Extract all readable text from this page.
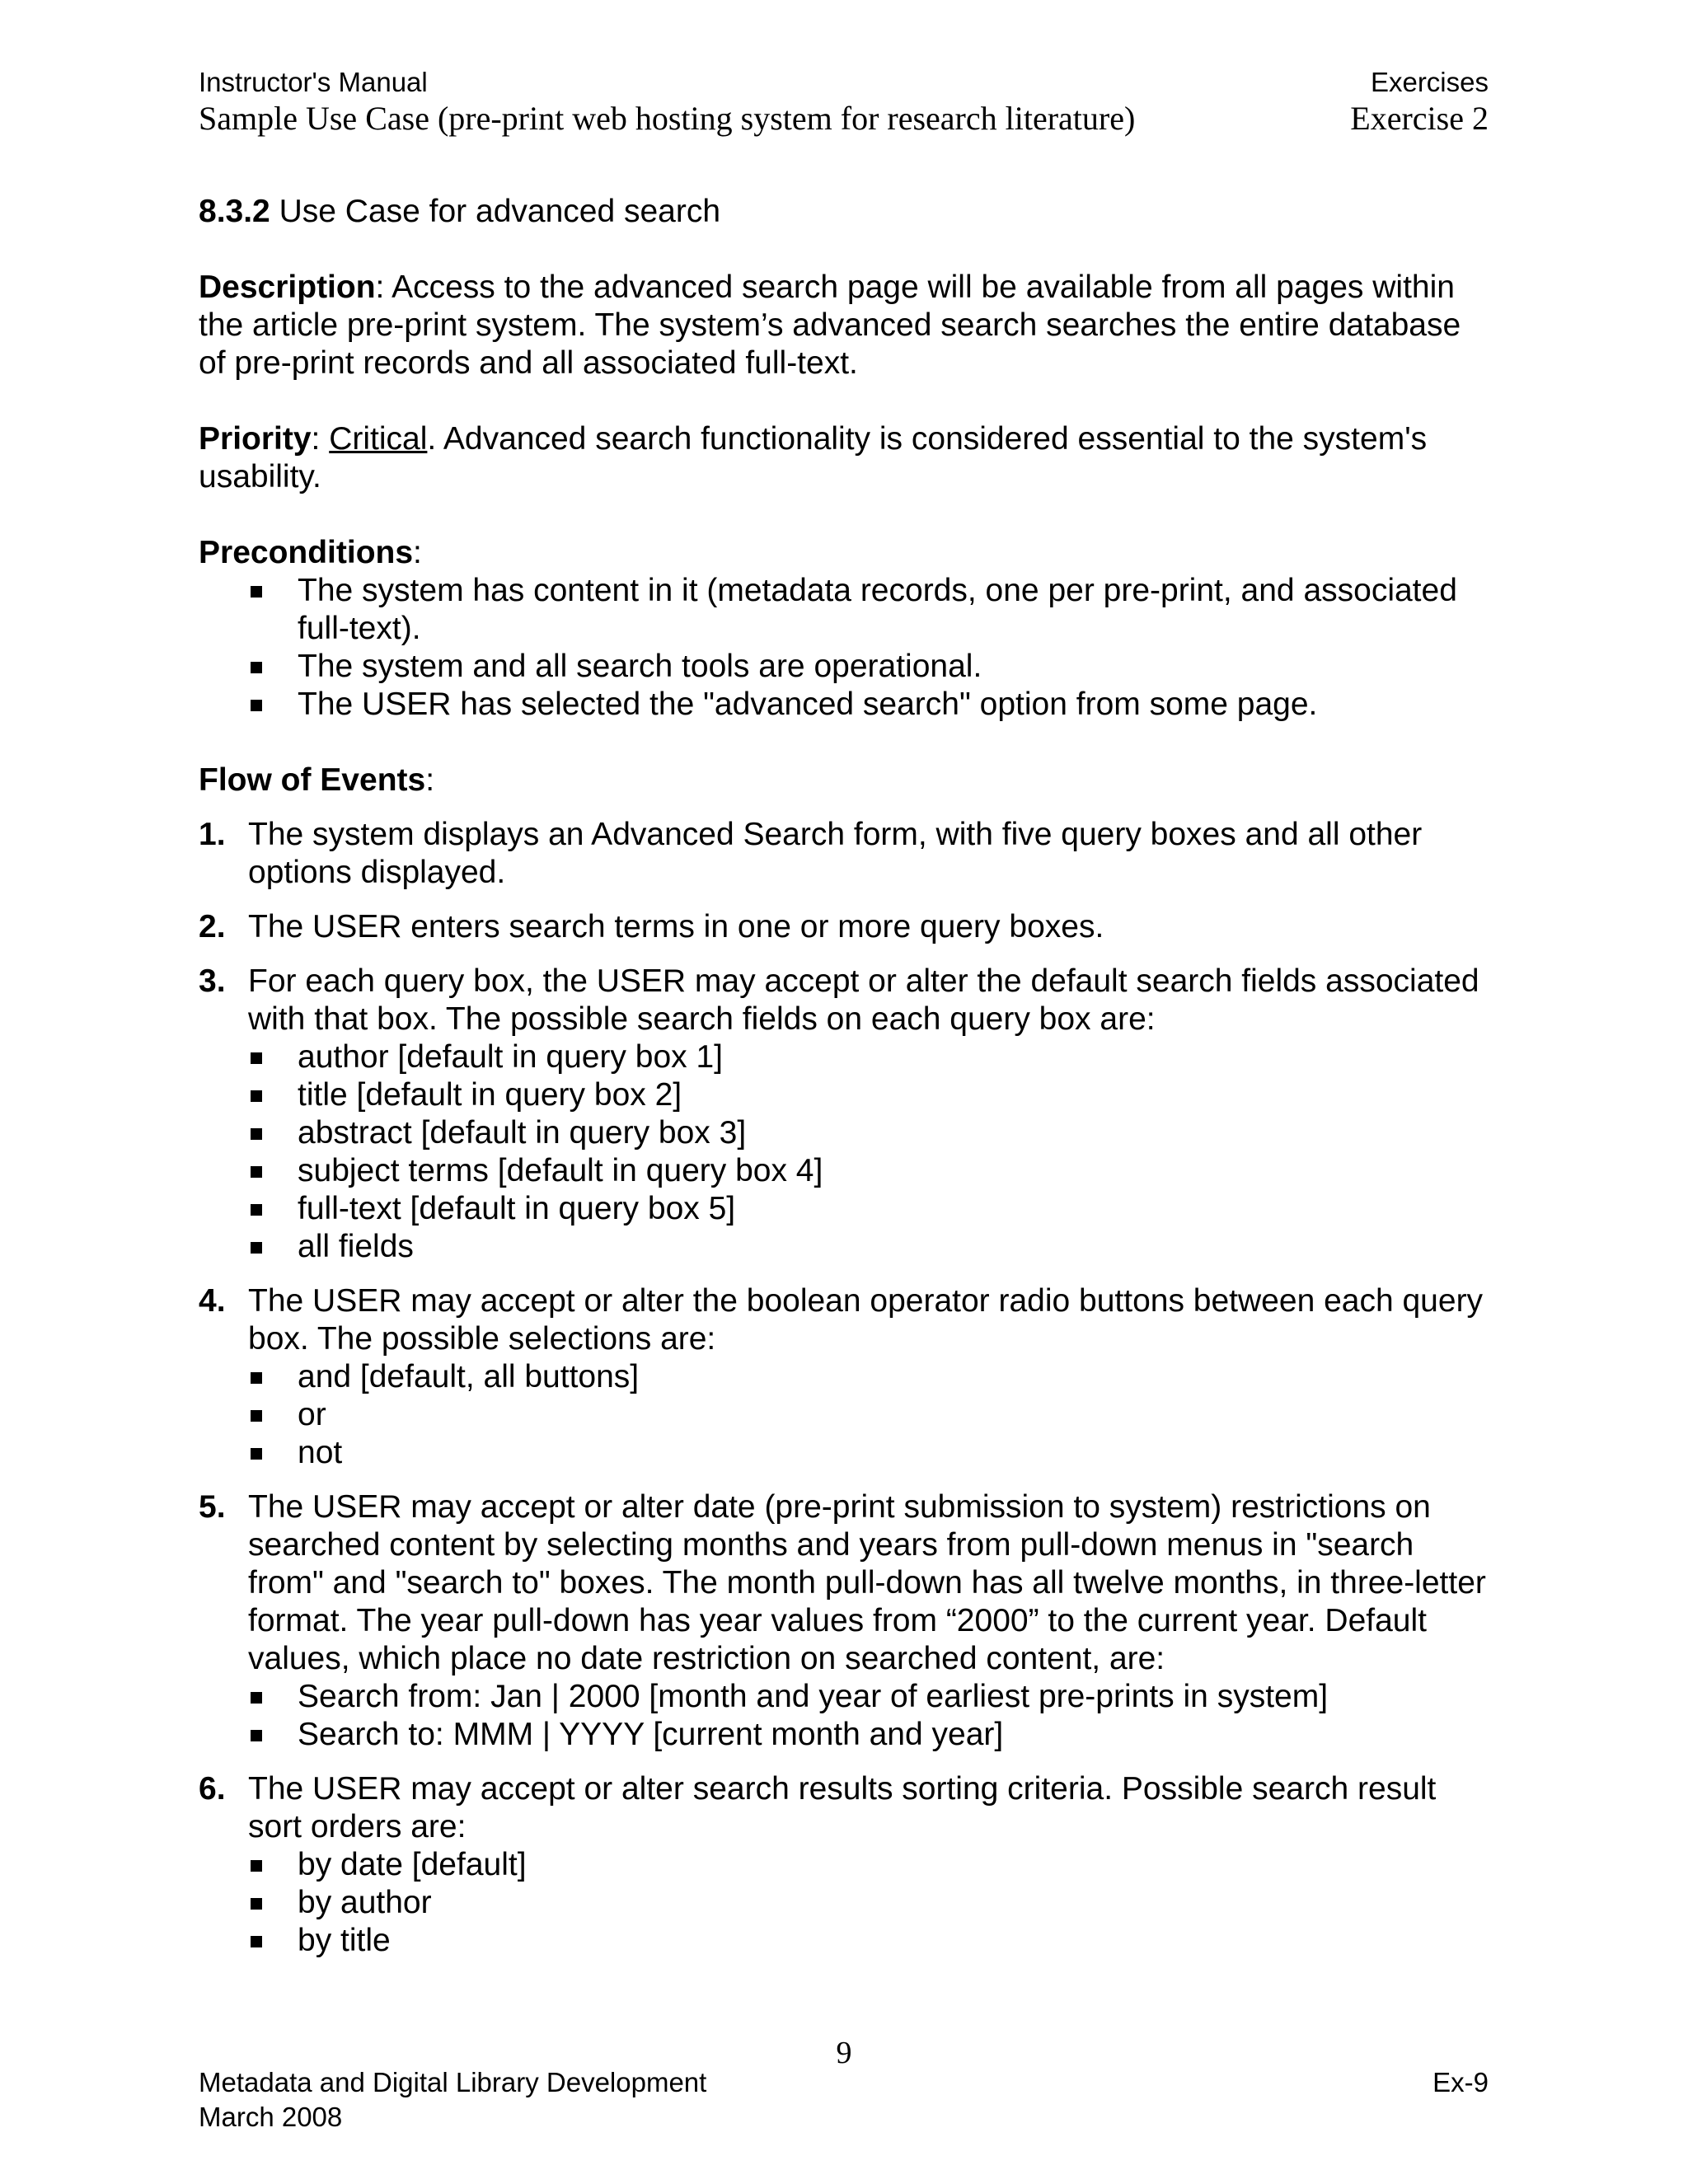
Instructor's Manual	Exercises
Sample Use Case (pre-print web hosting system for research literature)	Exercise 2

8.3.2 Use Case for advanced search

Description: Access to the advanced search page will be available from all pages within the article pre-print system. The system’s advanced search searches the entire database of pre-print records and all associated full-text.

Priority: Critical. Advanced search functionality is considered essential to the system's usability.

Preconditions:
The system has content in it (metadata records, one per pre-print, and associated full-text).
The system and all search tools are operational.
The USER has selected the "advanced search" option from some page.
Flow of Events:
1. The system displays an Advanced Search form, with five query boxes and all other options displayed.
2. The USER enters search terms in one or more query boxes.
3. For each query box, the USER may accept or alter the default search fields associated with that box. The possible search fields on each query box are:
author [default in query box 1]
title [default in query box 2]
abstract [default in query box 3]
subject terms [default in query box 4]
full-text [default in query box 5]
all fields
4. The USER may accept or alter the boolean operator radio buttons between each query box. The possible selections are:
and [default, all buttons]
or
not
5. The USER may accept or alter date (pre-print submission to system) restrictions on searched content by selecting months and years from pull-down menus in "search from" and "search to" boxes. The month pull-down has all twelve months, in three-letter format. The year pull-down has year values from “2000” to the current year. Default values, which place no date restriction on searched content, are:
Search from: Jan | 2000 [month and year of earliest pre-prints in system]
Search to: MMM | YYYY [current month and year]
6. The USER may accept or alter search results sorting criteria. Possible search result sort orders are:
by date [default]
by author
by title
9
Metadata and Digital Library Development	Ex-9
March 2008
